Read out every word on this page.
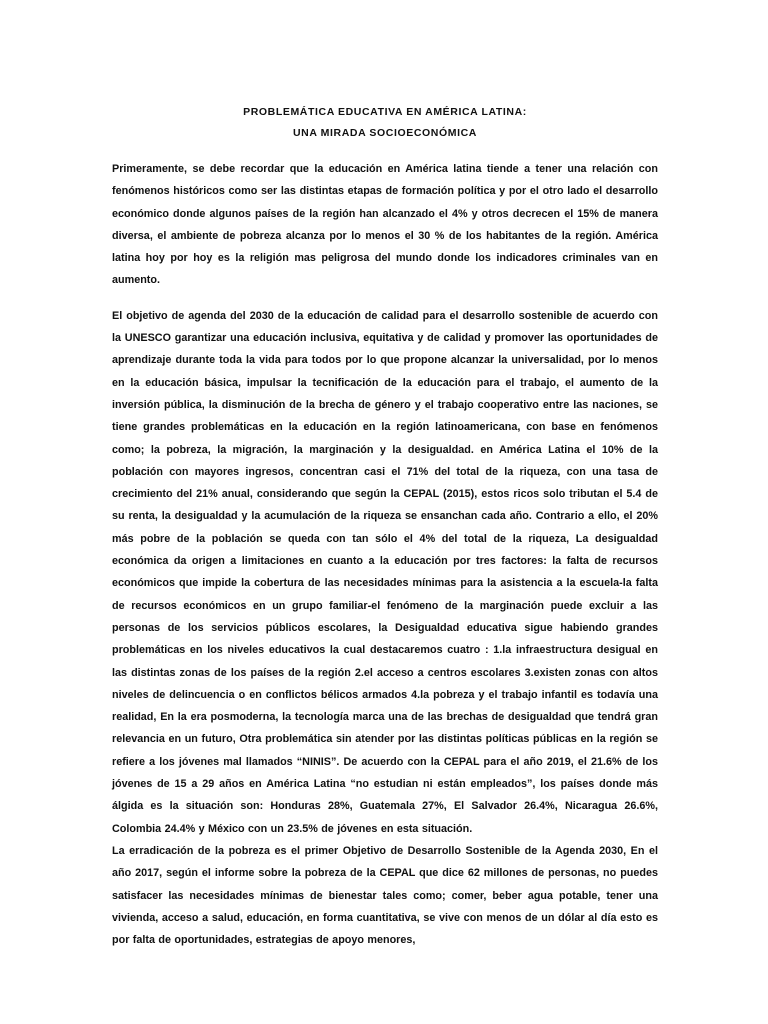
PROBLEMÁTICA EDUCATIVA EN AMÉRICA LATINA:

UNA MIRADA SOCIOECONÓMICA

Primeramente, se debe recordar que la educación en América latina tiende a tener una relación con fenómenos históricos como ser las distintas etapas de formación política y por el otro lado el desarrollo económico donde algunos países de la región han alcanzado el 4% y otros decrecen el 15% de manera diversa, el ambiente de pobreza alcanza por lo menos el 30 % de los habitantes de la región. América latina hoy por hoy es la religión mas peligrosa del mundo donde los indicadores criminales van en aumento.

El objetivo de agenda del 2030 de la educación de calidad para el desarrollo sostenible de acuerdo con la UNESCO garantizar una educación inclusiva, equitativa y de calidad y promover las oportunidades de aprendizaje durante toda la vida para todos por lo que propone alcanzar la universalidad, por lo menos en la educación básica, impulsar la tecnificación de la educación para el trabajo, el aumento de la inversión pública, la disminución de la brecha de género y el trabajo cooperativo entre las naciones, se tiene grandes problemáticas en la educación en la región latinoamericana, con base en fenómenos como; la pobreza, la migración, la marginación y la desigualdad. en América Latina el 10% de la población con mayores ingresos, concentran casi el 71% del total de la riqueza, con una tasa de crecimiento del 21% anual, considerando que según la CEPAL (2015), estos ricos solo tributan el 5.4 de su renta, la desigualdad y la acumulación de la riqueza se ensanchan cada año. Contrario a ello, el 20% más pobre de la población se queda con tan sólo el 4% del total de la riqueza, La desigualdad económica da origen a limitaciones en cuanto a la educación por tres factores: la falta de recursos económicos que impide la cobertura de las necesidades mínimas para la asistencia a la escuela-la falta de recursos económicos en un grupo familiar-el fenómeno de la marginación puede excluir a las personas de los servicios públicos escolares, la Desigualdad educativa sigue habiendo grandes problemáticas en los niveles educativos la cual destacaremos cuatro : 1.la infraestructura desigual en las distintas zonas de los países de la región 2.el acceso a centros escolares 3.existen zonas con altos niveles de delincuencia o en conflictos bélicos armados 4.la pobreza y el trabajo infantil es todavía una realidad, En la era posmoderna, la tecnología marca una de las brechas de desigualdad que tendrá gran relevancia en un futuro, Otra problemática sin atender por las distintas políticas públicas en la región se refiere a los jóvenes mal llamados “NINIS”. De acuerdo con la CEPAL para el año 2019, el 21.6% de los jóvenes de 15 a 29 años en América Latina “no estudian ni están empleados”, los países donde más álgida es la situación son: Honduras 28%, Guatemala 27%, El Salvador 26.4%, Nicaragua 26.6%, Colombia 24.4% y México con un 23.5% de jóvenes en esta situación.

La erradicación de la pobreza es el primer Objetivo de Desarrollo Sostenible de la Agenda 2030, En el año 2017, según el informe sobre la pobreza de la CEPAL que dice 62 millones de personas, no puedes satisfacer las necesidades mínimas de bienestar tales como; comer, beber agua potable, tener una vivienda, acceso a salud, educación, en forma cuantitativa, se vive con menos de un dólar al día esto es por falta de oportunidades, estrategias de apoyo menores,
